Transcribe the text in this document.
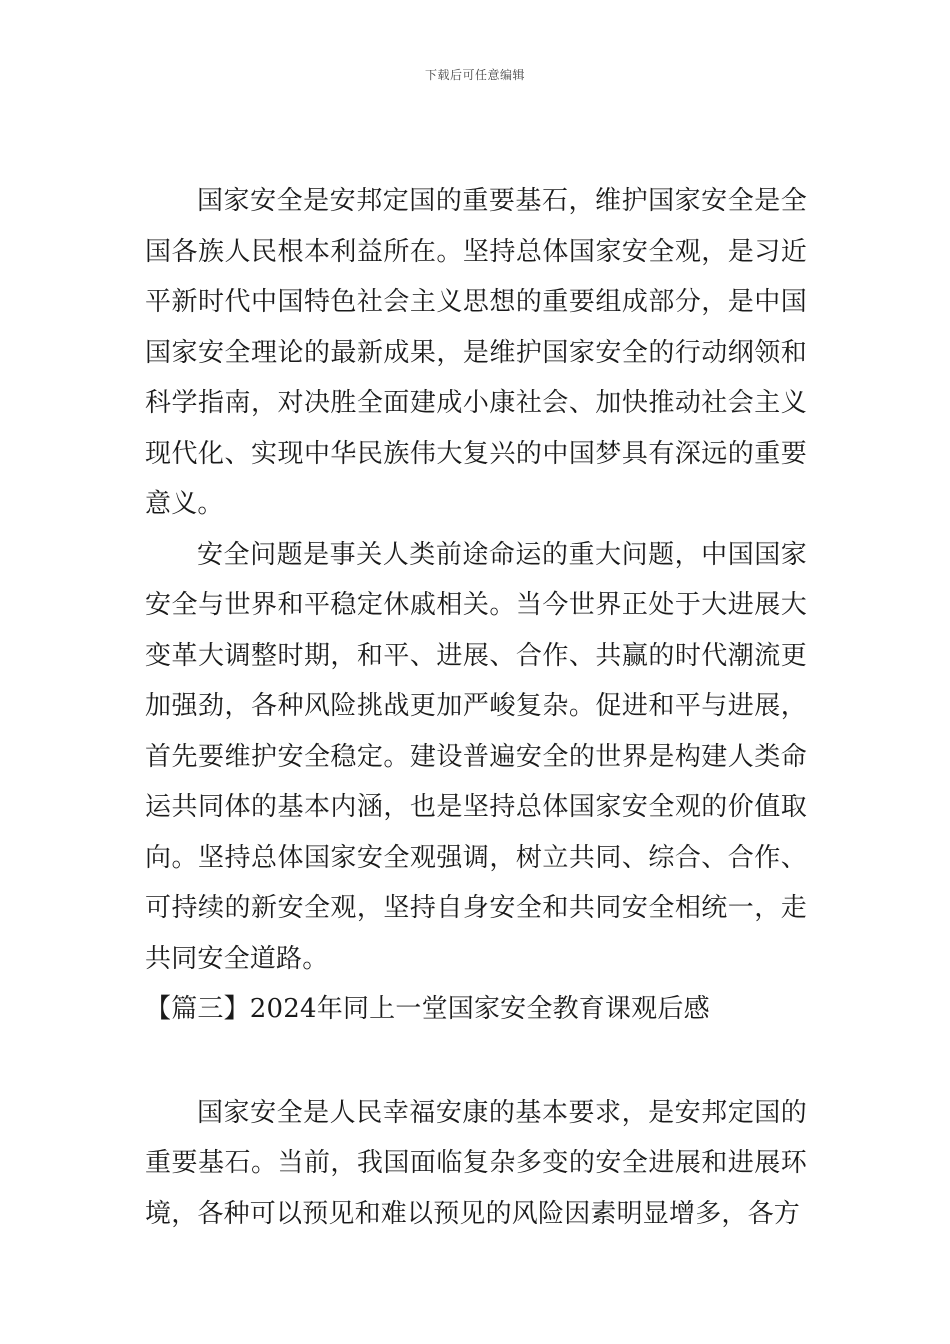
下载后可任意编辑

国家安全是安邦定国的重要基石，维护国家安全是全国各族人民根本利益所在。坚持总体国家安全观，是习近平新时代中国特色社会主义思想的重要组成部分，是中国国家安全理论的最新成果，是维护国家安全的行动纲领和科学指南，对决胜全面建成小康社会、加快推动社会主义现代化、实现中华民族伟大复兴的中国梦具有深远的重要意义。

安全问题是事关人类前途命运的重大问题，中国国家安全与世界和平稳定休戚相关。当今世界正处于大进展大变革大调整时期，和平、进展、合作、共赢的时代潮流更加强劲，各种风险挑战更加严峻复杂。促进和平与进展，首先要维护安全稳定。建设普遍安全的世界是构建人类命运共同体的基本内涵，也是坚持总体国家安全观的价值取向。坚持总体国家安全观强调，树立共同、综合、合作、可持续的新安全观，坚持自身安全和共同安全相统一，走共同安全道路。

【篇三】2024年同上一堂国家安全教育课观后感

国家安全是人民幸福安康的基本要求，是安邦定国的重要基石。当前，我国面临复杂多变的安全进展和进展环境，各种可以预见和难以预见的风险因素明显增多，各方
